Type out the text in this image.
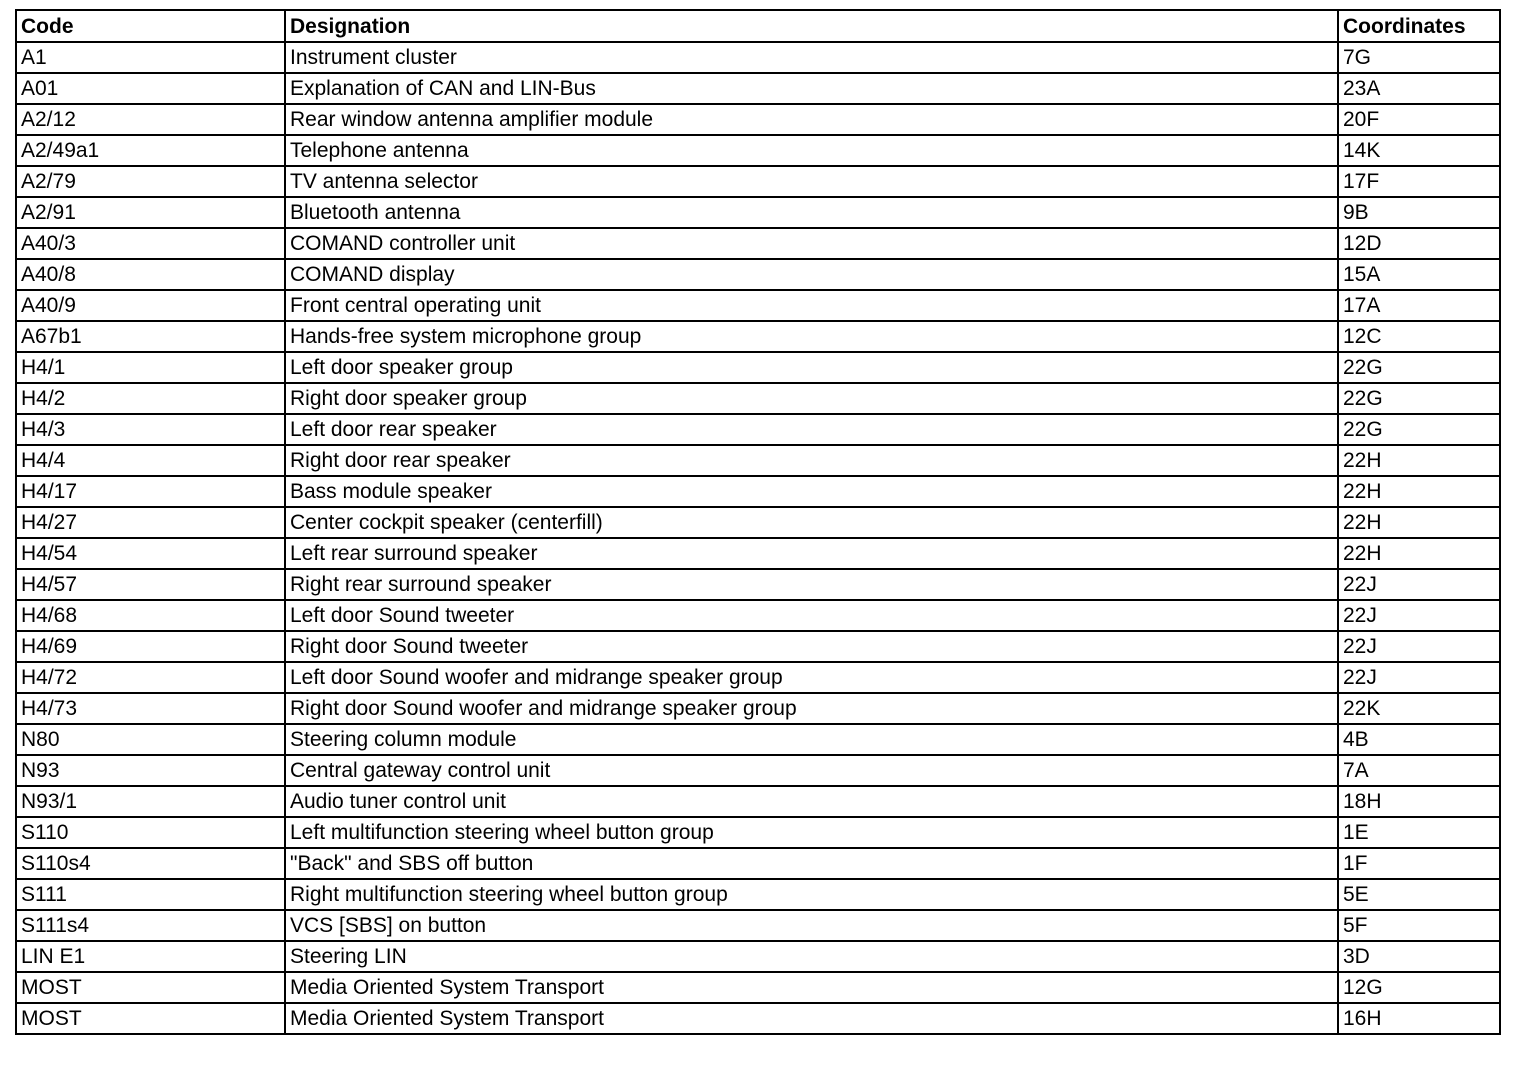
Code	Designation	Coordinates
A1	Instrument cluster	7G
A01	Explanation of CAN and LIN-Bus	23A
A2/12	Rear window antenna amplifier module	20F
A2/49a1	Telephone antenna	14K
A2/79	TV antenna selector	17F
A2/91	Bluetooth antenna	9B
A40/3	COMAND controller unit	12D
A40/8	COMAND display	15A
A40/9	Front central operating unit	17A
A67b1	Hands-free system microphone group	12C
H4/1	Left door speaker group	22G
H4/2	Right door speaker group	22G
H4/3	Left door rear speaker	22G
H4/4	Right door rear speaker	22H
H4/17	Bass module speaker	22H
H4/27	Center cockpit speaker (centerfill)	22H
H4/54	Left rear surround speaker	22H
H4/57	Right rear surround speaker	22J
H4/68	Left door Sound tweeter	22J
H4/69	Right door Sound tweeter	22J
H4/72	Left door Sound woofer and midrange speaker group	22J
H4/73	Right door Sound woofer and midrange speaker group	22K
N80	Steering column module	4B
N93	Central gateway control unit	7A
N93/1	Audio tuner control unit	18H
S110	Left multifunction steering wheel button group	1E
S110s4	"Back" and SBS off button	1F
S111	Right multifunction steering wheel button group	5E
S111s4	VCS [SBS] on button	5F
LIN E1	Steering LIN	3D
MOST	Media Oriented System Transport	12G
MOST	Media Oriented System Transport	16H
